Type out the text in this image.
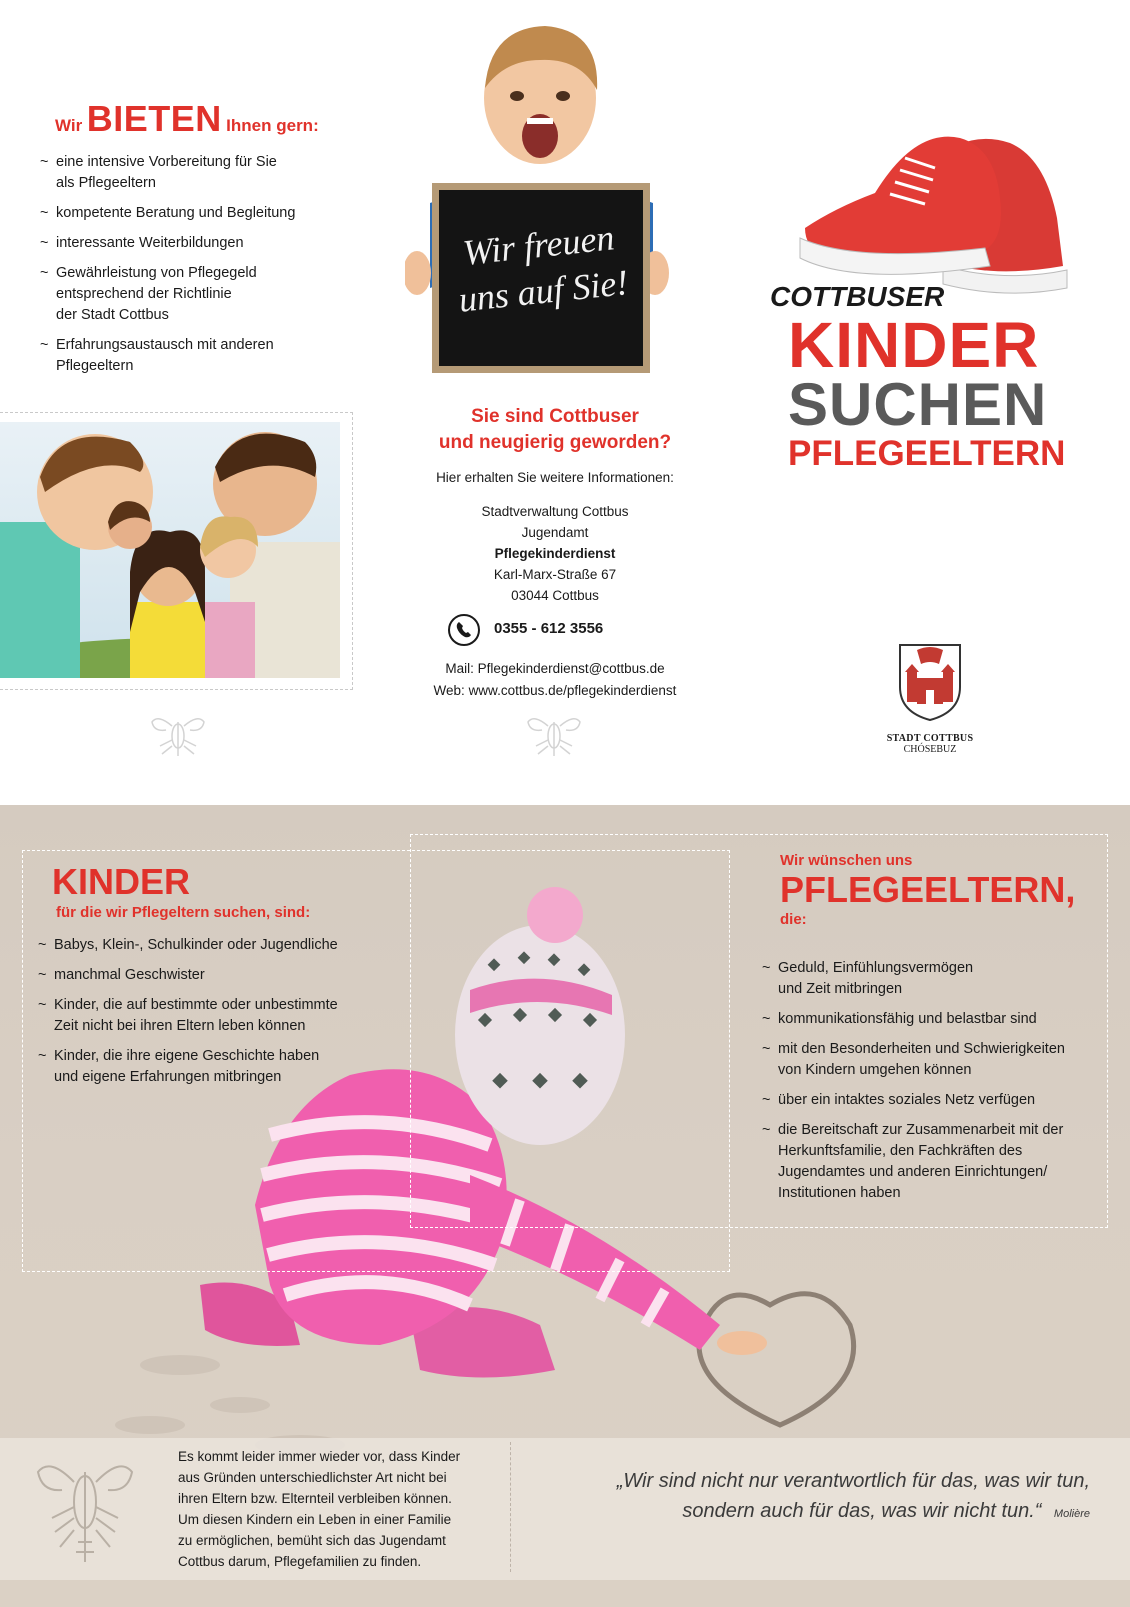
Wir BIETEN Ihnen gern:
~ eine intensive Vorbereitung für Sie
als Pflegeeltern
~ kompetente Beratung und Begleitung
~ interessante Weiterbildungen
~ Gewährleistung von Pflegegeld
entsprechend der Richtlinie
der Stadt Cottbus
~ Erfahrungsaustausch mit anderen
Pflegeeltern
Wir freuen
uns auf Sie!
Sie sind Cottbuser
und neugierig geworden?
Hier erhalten Sie weitere Informationen:
Stadtverwaltung Cottbus
Jugendamt
Pflegekinderdienst
Karl-Marx-Straße 67
03044 Cottbus
0355 - 612 3556
Mail: Pflegekinderdienst@cottbus.de
Web: www.cottbus.de/pflegekinderdienst
COTTBUSER
KINDER
SUCHEN
PFLEGEELTERN
STADT COTTBUS
CHÓSEBUZ
KINDER
für die wir Pflegeltern suchen, sind:
~ Babys, Klein-, Schulkinder oder Jugendliche
~ manchmal Geschwister
~ Kinder, die auf bestimmte oder unbestimmte
Zeit nicht bei ihren Eltern leben können
~ Kinder, die ihre eigene Geschichte haben
und eigene Erfahrungen mitbringen
Wir wünschen uns
PFLEGEELTERN,
die:
~ Geduld, Einfühlungsvermögen
und Zeit mitbringen
~ kommunikationsfähig und belastbar sind
~ mit den Besonderheiten und Schwierigkeiten
von Kindern umgehen können
~ über ein intaktes soziales Netz verfügen
~ die Bereitschaft zur Zusammenarbeit mit der
Herkunftsfamilie, den Fachkräften des
Jugendamtes und anderen Einrichtungen/
Institutionen haben
Es kommt leider immer wieder vor, dass Kinder
aus Gründen unterschiedlichster Art nicht bei
ihren Eltern bzw. Elternteil verbleiben können.
Um diesen Kindern ein Leben in einer Familie
zu ermöglichen, bemüht sich das Jugendamt
Cottbus darum, Pflegefamilien zu finden.
„Wir sind nicht nur verantwortlich für das, was wir tun,
sondern auch für das, was wir nicht tun.“ Molière
